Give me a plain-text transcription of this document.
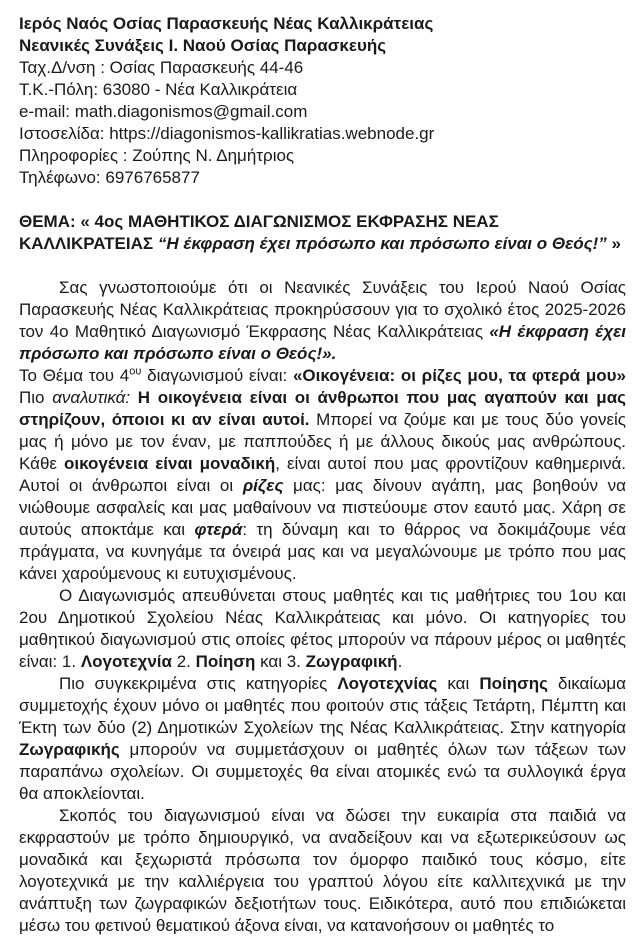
Ιερός Ναός Οσίας Παρασκευής Νέας Καλλικράτειας
Νεανικές Συνάξεις Ι. Ναού Οσίας Παρασκευής
Ταχ.Δ/νση : Οσίας Παρασκευής 44-46
Τ.Κ.-Πόλη: 63080 - Νέα Καλλικράτεια
e-mail: math.diagonismos@gmail.com
Ιστοσελίδα: https://diagonismos-kallikratias.webnode.gr
Πληροφορίες : Ζούπης Ν. Δημήτριος
Τηλέφωνο: 6976765877

ΘΕΜΑ: « 4ος ΜΑΘΗΤΙΚΟΣ ΔΙΑΓΩΝΙΣΜΟΣ ΕΚΦΡΑΣΗΣ ΝΕΑΣ ΚΑΛΛΙΚΡΑΤΕΙΑΣ “Η έκφραση έχει πρόσωπο και πρόσωπο είναι ο Θεός!” »

Σας γνωστοποιούμε ότι οι Νεανικές Συνάξεις του Ιερού Ναού Οσίας Παρασκευής Νέας Καλλικράτειας προκηρύσσουν για το σχολικό έτος 2025-2026 τον 4ο Μαθητικό Διαγωνισμό Έκφρασης Νέας Καλλικράτειας «Η έκφραση έχει πρόσωπο και πρόσωπο είναι ο Θεός!».

Το Θέμα του $4^{o\upsilon}$ διαγωνισμού είναι: «Οικογένεια: οι ρίζες μου, τα φτερά μου» Πιο αναλυτικά: Η οικογένεια είναι οι άνθρωποι που μας αγαπούν και μας στηρίζουν, όποιοι κι αν είναι αυτοί. Μπορεί να ζούμε και με τους δύο γονείς μας ή μόνο με τον έναν, με παππούδες ή με άλλους δικούς μας ανθρώπους. Κάθε οικογένεια είναι μοναδική, είναι αυτοί που μας φροντίζουν καθημερινά. Αυτοί οι άνθρωποι είναι οι ρίζες μας: μας δίνουν αγάπη, μας βοηθούν να νιώθουμε ασφαλείς και μας μαθαίνουν να πιστεύουμε στον εαυτό μας. Χάρη σε αυτούς αποκτάμε και φτερά: τη δύναμη και το θάρρος να δοκιμάζουμε νέα πράγματα, να κυνηγάμε τα όνειρά μας και να μεγαλώνουμε με τρόπο που μας κάνει χαρούμενους κι ευτυχισμένους.

Ο Διαγωνισμός απευθύνεται στους μαθητές και τις μαθήτριες του 1ου και 2ου Δημοτικού Σχολείου Νέας Καλλικράτειας και μόνο. Οι κατηγορίες του μαθητικού διαγωνισμού στις οποίες φέτος μπορούν να πάρουν μέρος οι μαθητές είναι: 1. Λογοτεχνία 2. Ποίηση και 3. Ζωγραφική.

Πιο συγκεκριμένα στις κατηγορίες Λογοτεχνίας και Ποίησης δικαίωμα συμμετοχής έχουν μόνο οι μαθητές που φοιτούν στις τάξεις Τετάρτη, Πέμπτη και Έκτη των δύο (2) Δημοτικών Σχολείων της Νέας Καλλικράτειας. Στην κατηγορία Ζωγραφικής μπορούν να συμμετάσχουν οι μαθητές όλων των τάξεων των παραπάνω σχολείων. Οι συμμετοχές θα είναι ατομικές ενώ τα συλλογικά έργα θα αποκλείονται.

Σκοπός του διαγωνισμού είναι να δώσει την ευκαιρία στα παιδιά να εκφραστούν με τρόπο δημιουργικό, να αναδείξουν και να εξωτερικεύσουν ως μοναδικά και ξεχωριστά πρόσωπα τον όμορφο παιδικό τους κόσμο, είτε λογοτεχνικά με την καλλιέργεια του γραπτού λόγου είτε καλλιτεχνικά με την ανάπτυξη των ζωγραφικών δεξιοτήτων τους. Ειδικότερα, αυτό που επιδιώκεται μέσω του φετινού θεματικού άξονα είναι, να κατανοήσουν οι μαθητές το
